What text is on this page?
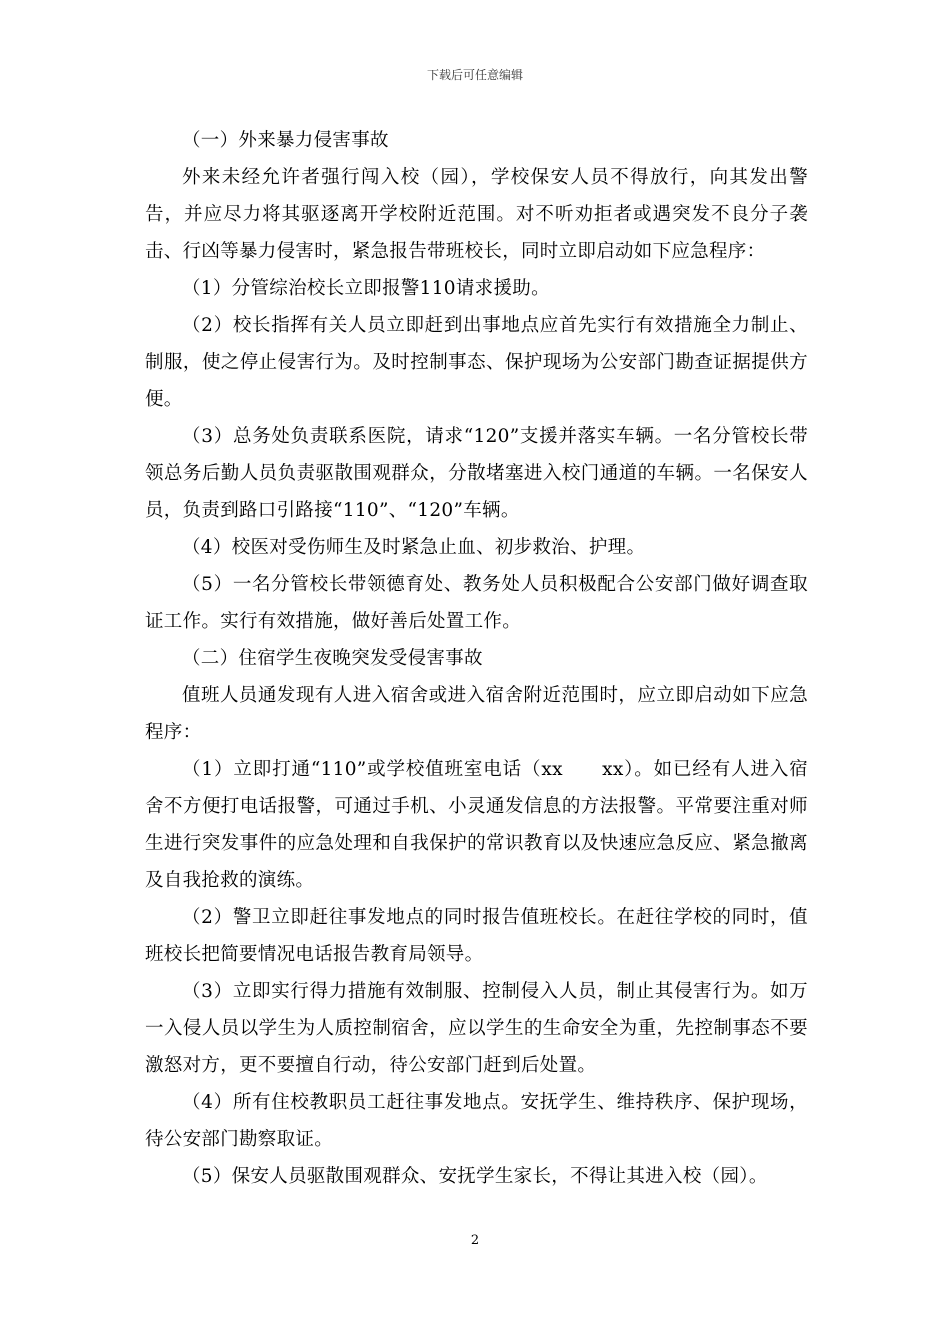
下载后可任意编辑

（一）外来暴力侵害事故

外来未经允许者强行闯入校（园），学校保安人员不得放行，向其发出警告，并应尽力将其驱逐离开学校附近范围。对不听劝拒者或遇突发不良分子袭击、行凶等暴力侵害时，紧急报告带班校长，同时立即启动如下应急程序：

（1）分管综治校长立即报警110请求援助。

（2）校长指挥有关人员立即赶到出事地点应首先实行有效措施全力制止、制服，使之停止侵害行为。及时控制事态、保护现场为公安部门勘查证据提供方便。

（3）总务处负责联系医院，请求“120”支援并落实车辆。一名分管校长带领总务后勤人员负责驱散围观群众，分散堵塞进入校门通道的车辆。一名保安人员，负责到路口引路接“110”、“120”车辆。

（4）校医对受伤师生及时紧急止血、初步救治、护理。

（5）一名分管校长带领德育处、教务处人员积极配合公安部门做好调查取证工作。实行有效措施，做好善后处置工作。

（二）住宿学生夜晚突发受侵害事故

值班人员通发现有人进入宿舍或进入宿舍附近范围时，应立即启动如下应急程序：

（1）立即打通“110”或学校值班室电话（xx　　xx）。如已经有人进入宿舍不方便打电话报警，可通过手机、小灵通发信息的方法报警。平常要注重对师生进行突发事件的应急处理和自我保护的常识教育以及快速应急反应、紧急撤离及自我抢救的演练。

（2）警卫立即赶往事发地点的同时报告值班校长。在赶往学校的同时，值班校长把简要情况电话报告教育局领导。

（3）立即实行得力措施有效制服、控制侵入人员，制止其侵害行为。如万一入侵人员以学生为人质控制宿舍，应以学生的生命安全为重，先控制事态不要激怒对方，更不要擅自行动，待公安部门赶到后处置。

（4）所有住校教职员工赶往事发地点。安抚学生、维持秩序、保护现场，待公安部门勘察取证。

（5）保安人员驱散围观群众、安抚学生家长，不得让其进入校（园）。

2
